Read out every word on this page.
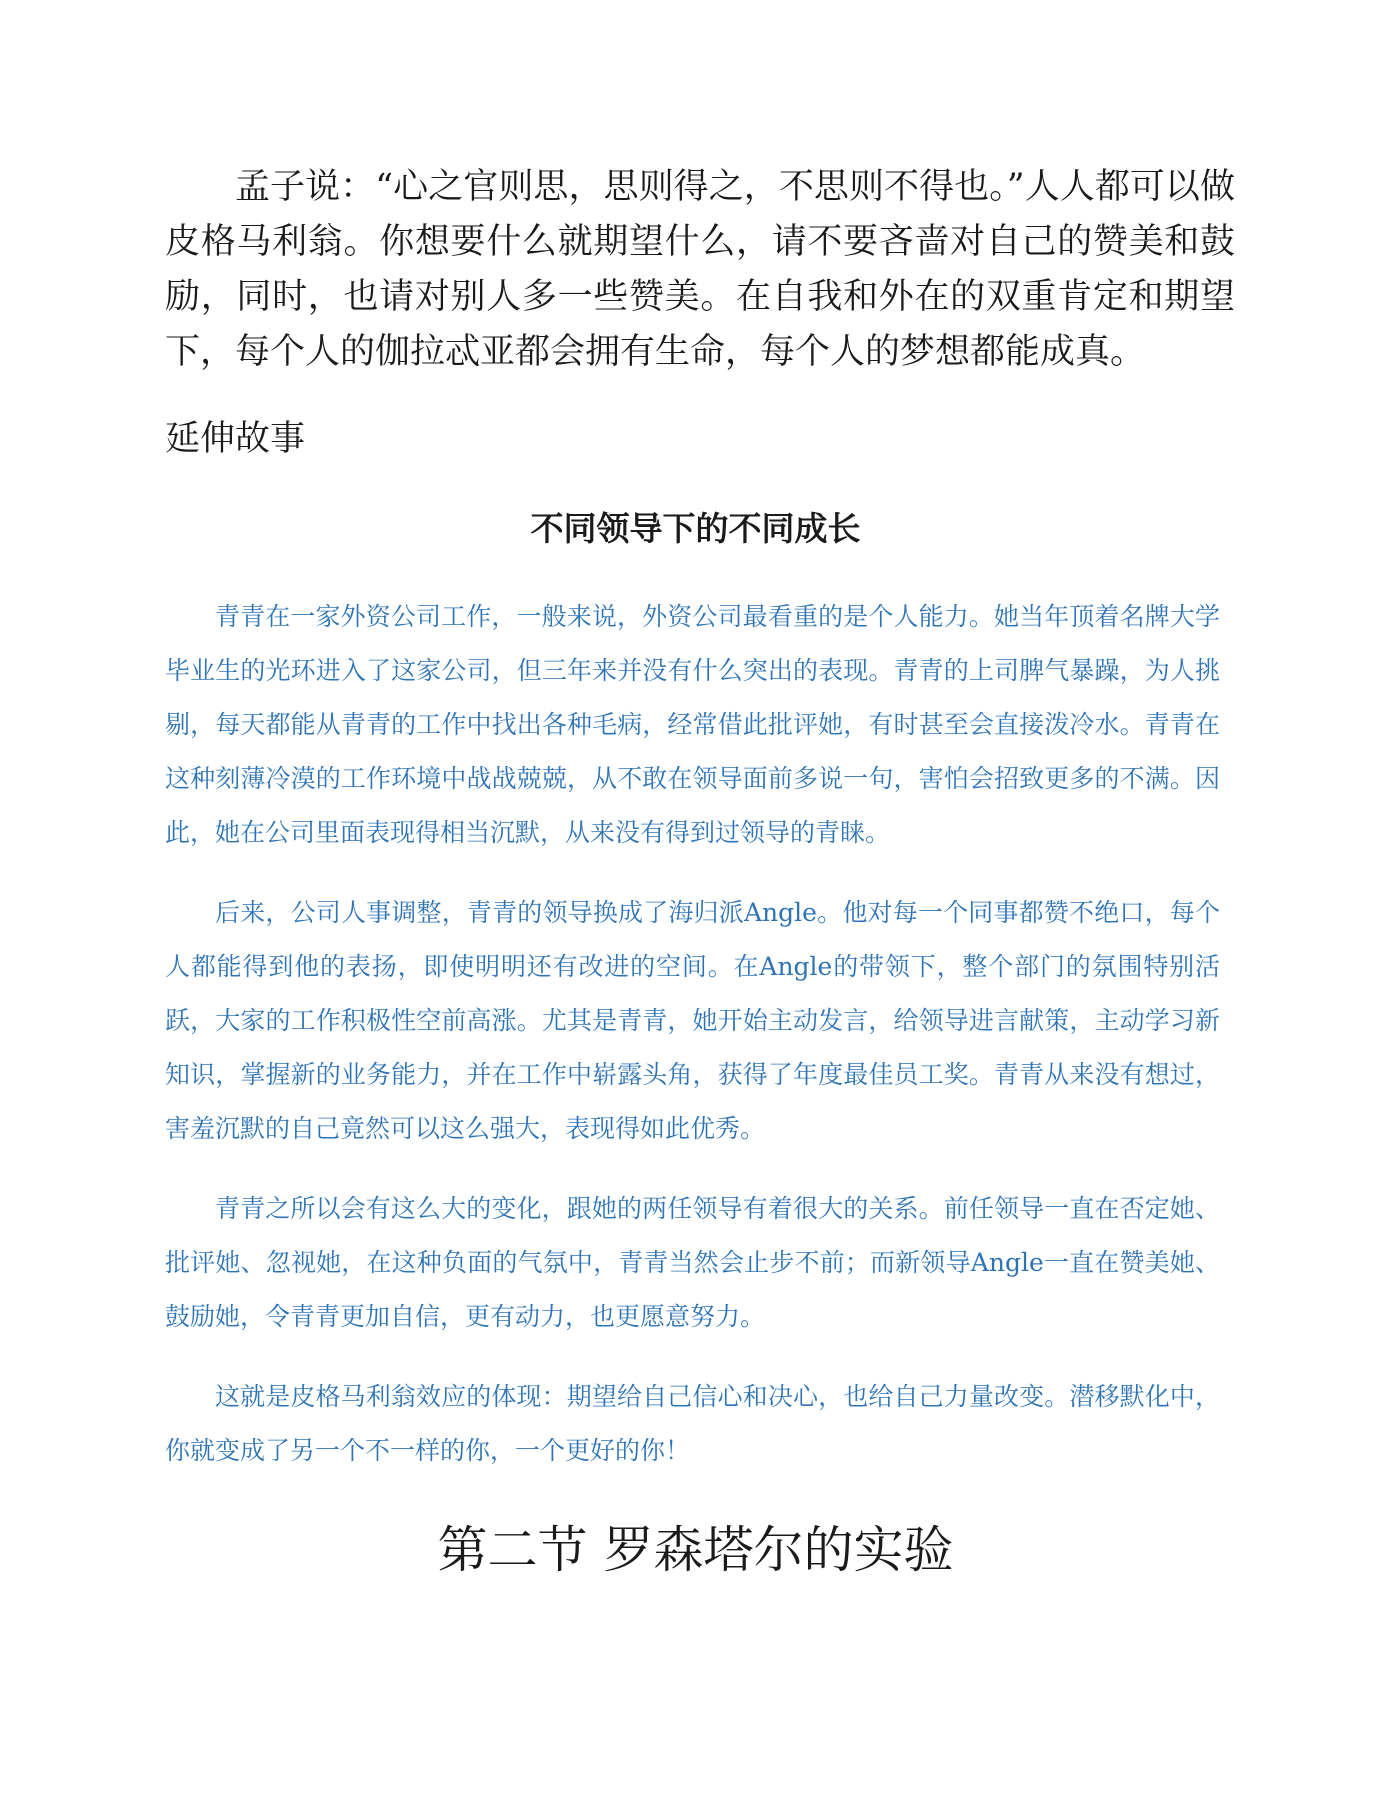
孟子说：“心之官则思，思则得之，不思则不得也。”人人都可以做皮格马利翁。你想要什么就期望什么，请不要吝啬对自己的赞美和鼓励，同时，也请对别人多一些赞美。在自我和外在的双重肯定和期望下，每个人的伽拉忒亚都会拥有生命，每个人的梦想都能成真。

延伸故事

不同领导下的不同成长

青青在一家外资公司工作，一般来说，外资公司最看重的是个人能力。她当年顶着名牌大学毕业生的光环进入了这家公司，但三年来并没有什么突出的表现。青青的上司脾气暴躁，为人挑剔，每天都能从青青的工作中找出各种毛病，经常借此批评她，有时甚至会直接泼冷水。青青在这种刻薄冷漠的工作环境中战战兢兢，从不敢在领导面前多说一句，害怕会招致更多的不满。因此，她在公司里面表现得相当沉默，从来没有得到过领导的青睐。

后来，公司人事调整，青青的领导换成了海归派Angle。他对每一个同事都赞不绝口，每个人都能得到他的表扬，即使明明还有改进的空间。在Angle的带领下，整个部门的氛围特别活跃，大家的工作积极性空前高涨。尤其是青青，她开始主动发言，给领导进言献策，主动学习新知识，掌握新的业务能力，并在工作中崭露头角，获得了年度最佳员工奖。青青从来没有想过，害羞沉默的自己竟然可以这么强大，表现得如此优秀。

青青之所以会有这么大的变化，跟她的两任领导有着很大的关系。前任领导一直在否定她、批评她、忽视她，在这种负面的气氛中，青青当然会止步不前；而新领导Angle一直在赞美她、鼓励她，令青青更加自信，更有动力，也更愿意努力。

这就是皮格马利翁效应的体现：期望给自己信心和决心，也给自己力量改变。潜移默化中，你就变成了另一个不一样的你，一个更好的你！

第二节 罗森塔尔的实验
